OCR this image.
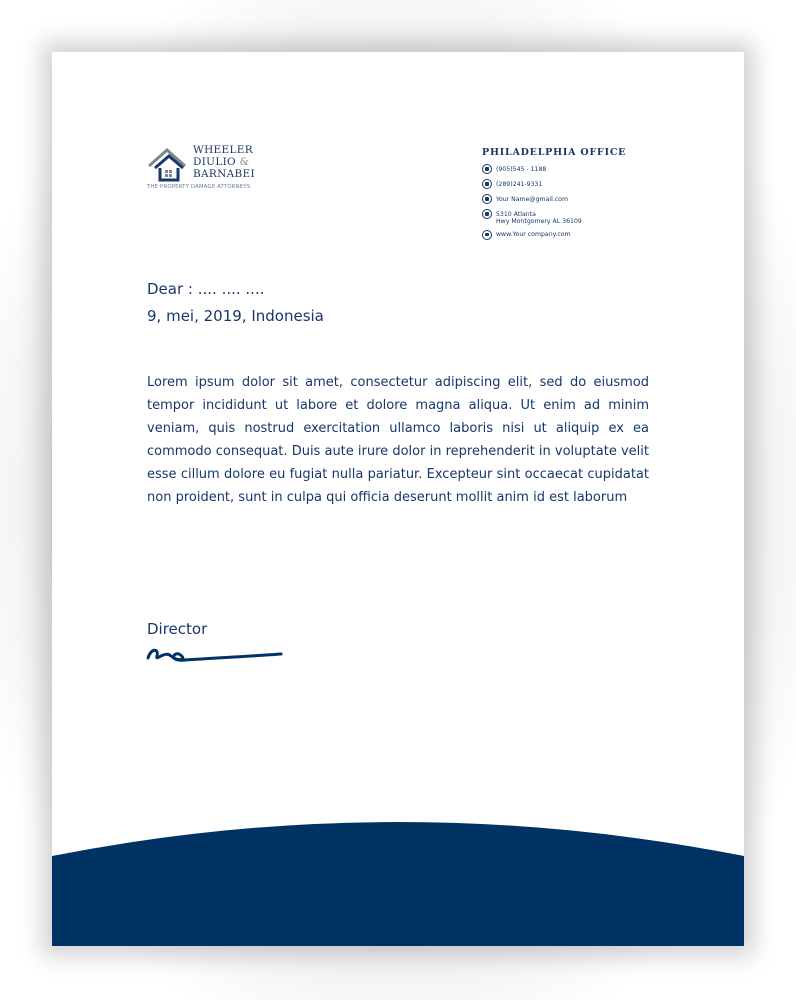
WHEELER
DIULIO &
BARNABEI
THE PROPERTY DAMAGE ATTORNEYS
PHILADELPHIA OFFICE
(905)545 - 1188
(289)241-9331
Your Name@gmail.com
5310 Atlanta
Hwy Montgomery AL 36109
www.Your company.com
Dear : .... .... ....
9, mei, 2019, Indonesia
Lorem ipsum dolor sit amet, consectetur adipiscing elit, sed do eiusmod tempor incididunt ut labore et dolore magna aliqua. Ut enim ad minim veniam, quis nostrud exercitation ullamco laboris nisi ut aliquip ex ea commodo consequat. Duis aute irure dolor in reprehenderit in voluptate velit esse cillum dolore eu fugiat nulla pariatur. Excepteur sint occaecat cupidatat non proident, sunt in culpa qui officia deserunt mollit anim id est laborum
Director
